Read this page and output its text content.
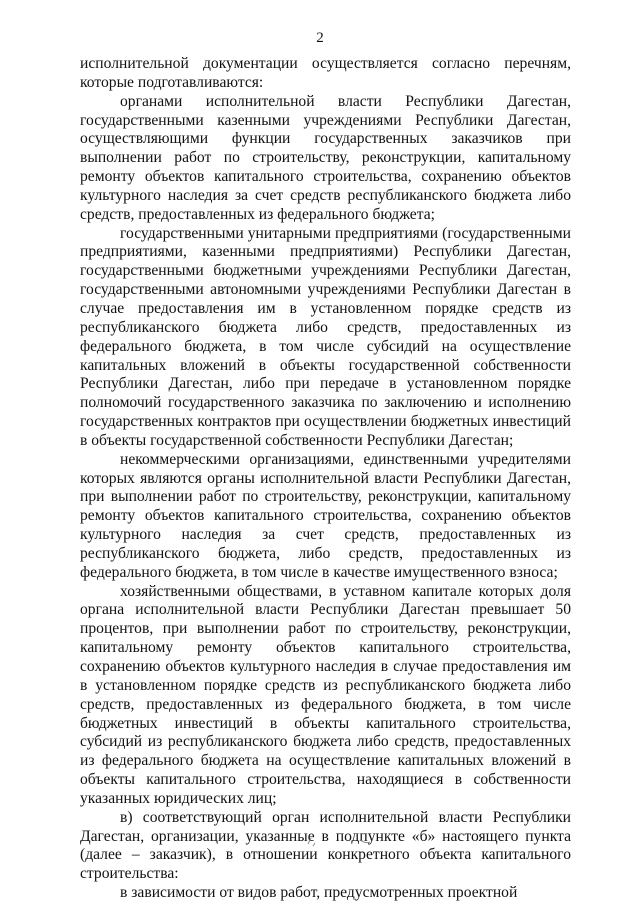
2

исполнительной документации осуществляется согласно перечням, которые подготавливаются:

органами исполнительной власти Республики Дагестан, государственными казенными учреждениями Республики Дагестан, осуществляющими функции государственных заказчиков при выполнении работ по строительству, реконструкции, капитальному ремонту объектов капитального строительства, сохранению объектов культурного наследия за счет средств республиканского бюджета либо средств, предоставленных из федерального бюджета;

государственными унитарными предприятиями (государственными предприятиями, казенными предприятиями) Республики Дагестан, государственными бюджетными учреждениями Республики Дагестан, государственными автономными учреждениями Республики Дагестан в случае предоставления им в установленном порядке средств из республиканского бюджета либо средств, предоставленных из федерального бюджета, в том числе субсидий на осуществление капитальных вложений в объекты государственной собственности Республики Дагестан, либо при передаче в установленном порядке полномочий государственного заказчика по заключению и исполнению государственных контрактов при осуществлении бюджетных инвестиций в объекты государственной собственности Республики Дагестан;

некоммерческими организациями, единственными учредителями которых являются органы исполнительной власти Республики Дагестан, при выполнении работ по строительству, реконструкции, капитальному ремонту объектов капитального строительства, сохранению объектов культурного наследия за счет средств, предоставленных из республиканского бюджета, либо средств, предоставленных из федерального бюджета, в том числе в качестве имущественного взноса;

хозяйственными обществами, в уставном капитале которых доля органа исполнительной власти Республики Дагестан превышает 50 процентов, при выполнении работ по строительству, реконструкции, капитальному ремонту объектов капитального строительства, сохранению объектов культурного наследия в случае предоставления им в установленном порядке средств из республиканского бюджета либо средств, предоставленных из федерального бюджета, в том числе бюджетных инвестиций в объекты капитального строительства, субсидий из республиканского бюджета либо средств, предоставленных из федерального бюджета на осуществление капитальных вложений в объекты капитального строительства, находящиеся в собственности указанных юридических лиц;

в) соответствующий орган исполнительной власти Республики Дагестан, организации, указанные в подпункте «б» настоящего пункта (далее – заказчик), в отношении конкретного объекта капитального строительства:

в зависимости от видов работ, предусмотренных проектной
